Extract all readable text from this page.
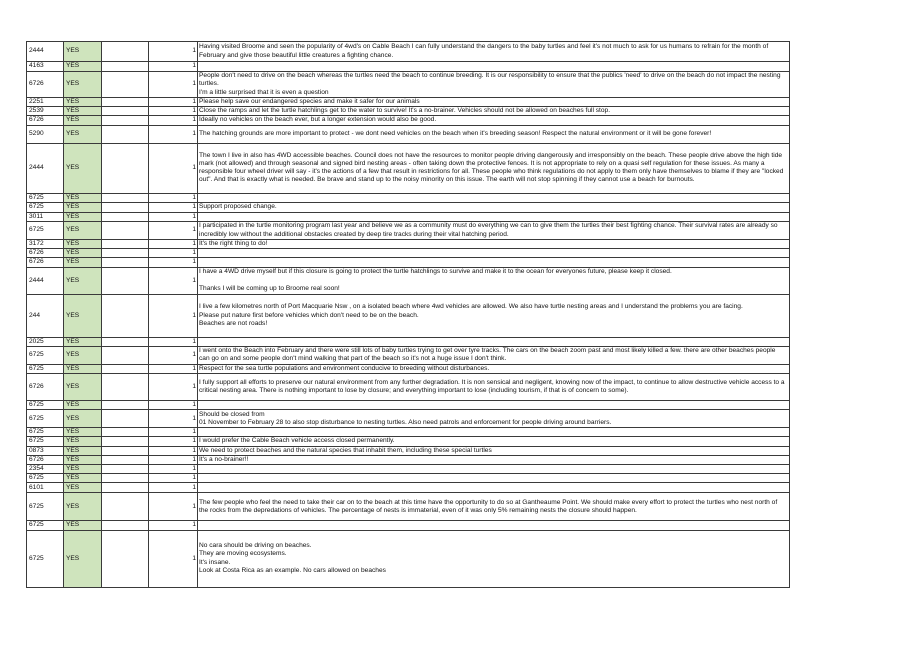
2444	YES		1	Having visited Broome and seen the popularity of 4wd's on Cable Beach I can fully understand the dangers to the baby turtles and feel it's not much to ask for us humans to refrain for the month of February and give those beautiful little creatures a fighting chance.
4163	YES		1	
6726	YES		1	People don't need to drive on the beach whereas the turtles need the beach to continue breeding. It is our responsibility to ensure that the publics 'need' to drive on the beach do not impact the nesting turtles.
I'm a little surprised that it is even a question
2251	YES		1	Please help save our endangered species and make it safer for our animals
2539	YES		1	Close the ramps and let the turtle hatchlings get to the water to survive! It's a no-brainer. Vehicles should not be allowed on beaches full stop.
6726	YES		1	Ideally no vehicles on the beach ever, but a longer extension would also be good.
5290	YES		1	The hatching grounds are more important to protect - we dont need vehicles on the beach when it's breeding season! Respect the natural environment or it will be gone forever!
2444	YES		1	The town I live in also has 4WD accessible beaches. Council does not have the resources to monitor people driving dangerously and irresponsibly on the beach. These people drive above the high tide mark (not allowed) and through seasonal and signed bird nesting areas - often taking down the protective fences. It is not appropriate to rely on a quasi self regulation for these issues. As many a responsible four wheel driver will say - it's the actions of a few that result in restrictions for all. These people who think regulations do not apply to them only have themselves to blame if they are "locked out". And that is exactly what is needed. Be brave and stand up to the noisy minority on this issue. The earth will not stop spinning if they cannot use a beach for burnouts.
6725	YES		1	
6725	YES		1	Support proposed change.
3011	YES		1	
6725	YES		1	I participated in the turtle monitoring program last year and believe we as a community must do everything we can to give them the turtles their best fighting chance. Their survival rates are already so incredibly low without the additional obstacles created by deep tire tracks during their vital hatching period.
3172	YES		1	It's the right thing to do!
6726	YES		1	
6726	YES		1	
2444	YES		1	I have a 4WD drive myself but if this closure is going to protect the turtle hatchlings to survive and make it to the ocean for everyones future, please keep it closed.

Thanks I will be coming up to Broome real soon!
244	YES		1	I live a few kilometres north of Port Macquarie Nsw , on a isolated beach where 4wd vehicles are allowed. We also have turtle nesting areas and I understand the problems you are facing.
Please put nature first before vehicles which don't need to be on the beach.
Beaches are not roads!
2025	YES		1	
6725	YES		1	I went onto the Beach into February and there were still lots of baby turtles trying to get over tyre tracks. The cars on the beach zoom past and most likely killed a few. there are other beaches people can go on and some people don't mind walking that part of the beach so it's not a huge issue I don't think.
6725	YES		1	Respect for the sea turtle populations and environment conducive to breeding without disturbances.
6726	YES		1	I fully support all efforts to preserve our natural environment from any further degradation. It is non sensical and negligent, knowing now of the impact, to continue to allow destructive vehicle access to a critical nesting area. There is nothing important to lose by closure; and everything important to lose (including tourism, if that is of concern to some).
6725	YES		1	
6725	YES		1	Should be closed from
01 November to February 28 to also stop disturbance to nesting turtles. Also need patrols and enforcement for people driving around barriers.
6725	YES		1	
6725	YES		1	I would prefer the Cable Beach vehicle access closed permanently.
0873	YES		1	We need to protect beaches and the natural species that inhabit them, including these special turtles
6726	YES		1	It's a no-brainer!!
2354	YES		1	
6725	YES		1	
6101	YES		1	
6725	YES		1	The few people who feel the need to take their car on to the beach at this time have the opportunity to do so at Gantheaume Point. We should make every effort to protect the turtles who nest north of the rocks from the depredations of vehicles. The percentage of nests is immaterial, even of it was only 5% remaining nests the closure should happen.
6725	YES		1	
6725	YES		1	No cara should be driving on beaches.
They are moving ecosystems.
It's insane.
Look at Costa Rica as an example. No cars allowed on beaches
